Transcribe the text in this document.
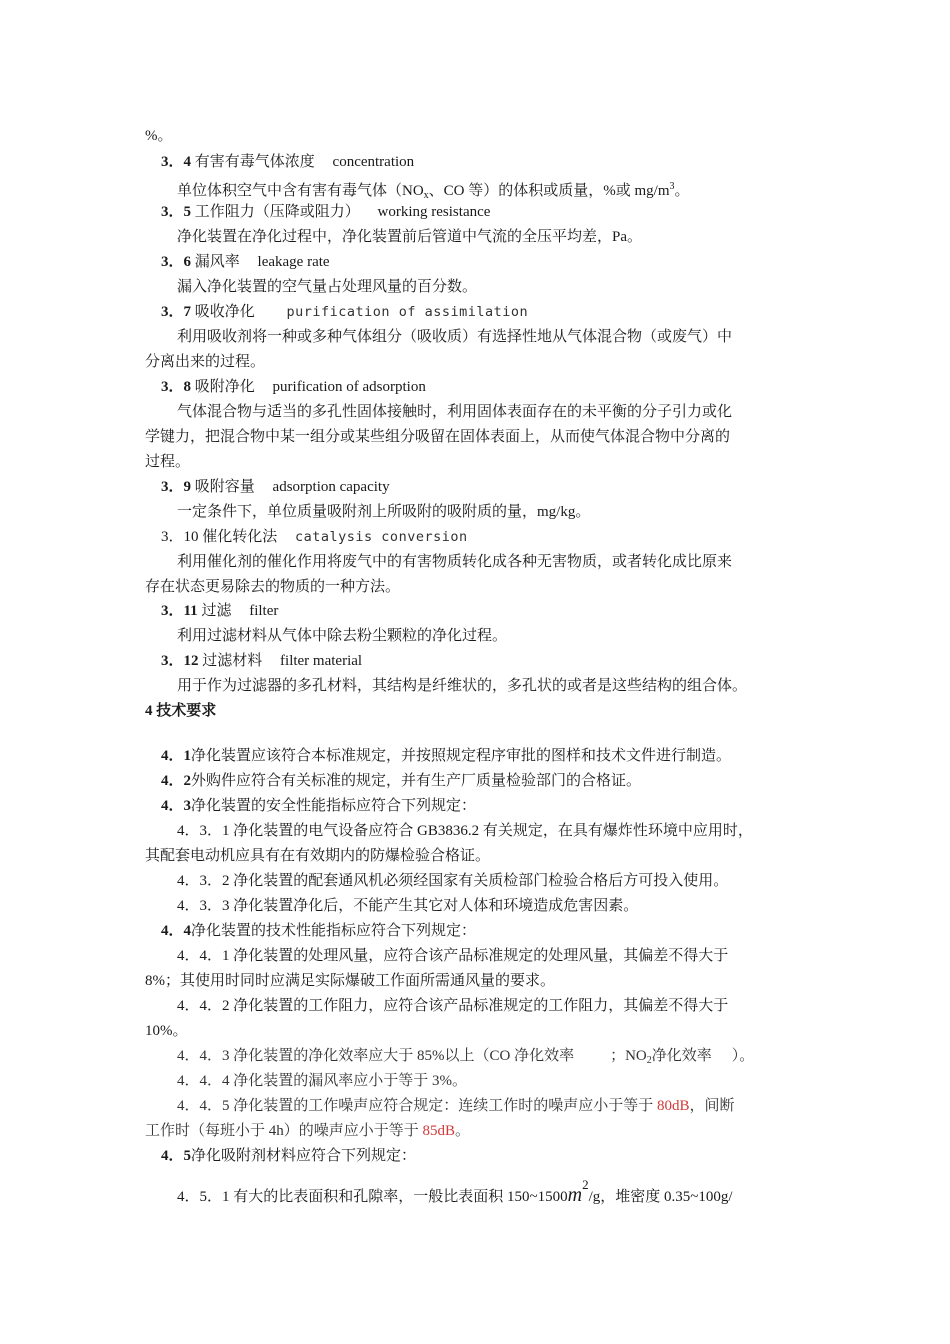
%。
3．4 有害有毒气体浓度 concentration
单位体积空气中含有害有毒气体（$NO_x$、CO 等）的体积或质量，%或 $mg/m^3$。
3．5 工作阻力（压降或阻力） working resistance
净化装置在净化过程中，净化装置前后管道中气流的全压平均差，Pa。
3．6 漏风率 leakage rate
漏入净化装置的空气量占处理风量的百分数。
3．7 吸收净化 purification of assimilation
利用吸收剂将一种或多种气体组分（吸收质）有选择性地从气体混合物（或废气）中
分离出来的过程。
3．8 吸附净化 purification of adsorption
气体混合物与适当的多孔性固体接触时，利用固体表面存在的未平衡的分子引力或化
学键力，把混合物中某一组分或某些组分吸留在固体表面上，从而使气体混合物中分离的
过程。
3．9 吸附容量 adsorption capacity
一定条件下，单位质量吸附剂上所吸附的吸附质的量，mg/kg。
3．10 催化转化法 catalysis conversion
利用催化剂的催化作用将废气中的有害物质转化成各种无害物质，或者转化成比原来
存在状态更易除去的物质的一种方法。
3．11 过滤 filter
利用过滤材料从气体中除去粉尘颗粒的净化过程。
3．12 过滤材料 filter material
用于作为过滤器的多孔材料，其结构是纤维状的，多孔状的或者是这些结构的组合体。
4 技术要求
4．1净化装置应该符合本标准规定，并按照规定程序审批的图样和技术文件进行制造。
4．2外购件应符合有关标准的规定，并有生产厂质量检验部门的合格证。
4．3净化装置的安全性能指标应符合下列规定：
4．3．1 净化装置的电气设备应符合 GB3836.2 有关规定，在具有爆炸性环境中应用时，
其配套电动机应具有在有效期内的防爆检验合格证。
4．3．2 净化装置的配套通风机必须经国家有关质检部门检验合格后方可投入使用。
4．3．3 净化装置净化后，不能产生其它对人体和环境造成危害因素。
4．4净化装置的技术性能指标应符合下列规定：
4．4．1 净化装置的处理风量，应符合该产品标准规定的处理风量，其偏差不得大于
8%；其使用时同时应满足实际爆破工作面所需通风量的要求。
4．4．2 净化装置的工作阻力，应符合该产品标准规定的工作阻力，其偏差不得大于
10%。
4．4．3 净化装置的净化效率应大于 85%以上（CO 净化效率 ；$NO_2$净化效率 ）。
4．4．4 净化装置的漏风率应小于等于 3%。
4．4．5 净化装置的工作噪声应符合规定：连续工作时的噪声应小于等于 80dB，间断
工作时（每班小于 4h）的噪声应小于等于 85dB。
4．5净化吸附剂材料应符合下列规定：
4．5．1 有大的比表面积和孔隙率，一般比表面积 150~1500m2/g，堆密度 0.35~100g/
